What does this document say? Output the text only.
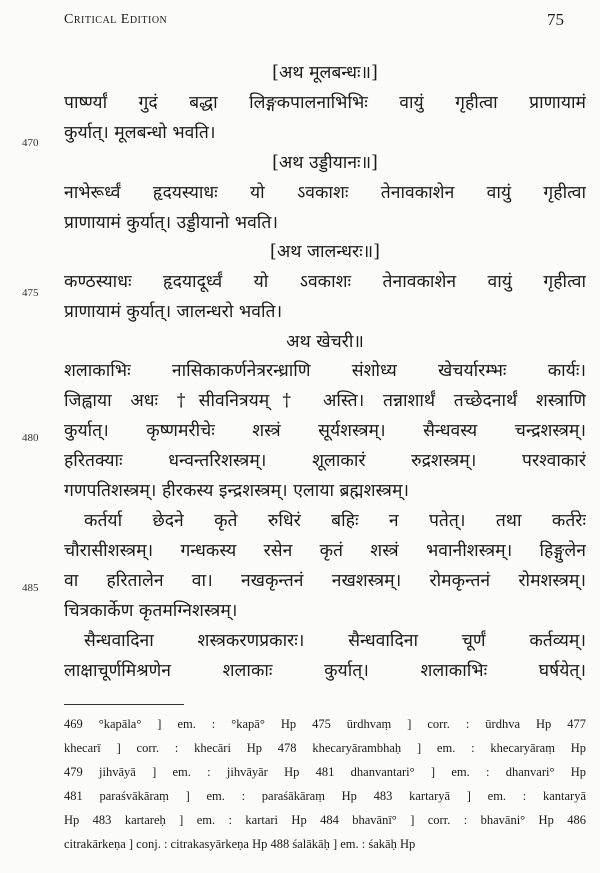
Critical Edition	75
470
475
480
485
[अथ मूलबन्धः॥]
पार्ष्ण्यां गुदं बद्धा लिङ्गकपालनाभिभिः वायुं गृहीत्वा प्राणायामं
कुर्यात्। मूलबन्धो भवति।
[अथ उड्डीयानः॥]
नाभेरूर्ध्वं हृदयस्याधः यो ऽवकाशः तेनावकाशेन वायुं गृहीत्वा
प्राणायामं कुर्यात्। उड्डीयानो भवति।
[अथ जालन्धरः॥]
कण्ठस्याधः हृदयादूर्ध्वं यो ऽवकाशः तेनावकाशेन वायुं गृहीत्वा
प्राणायामं कुर्यात्। जालन्धरो भवति।
अथ खेचरी॥
शलाकाभिः नासिकाकर्णनेत्ररन्ध्राणि संशोध्य खेचर्यारम्भः कार्यः।
जिह्वाया अधः †सीवनित्रयम्† अस्ति। तन्नाशार्थं तच्छेदनार्थं शस्त्राणि
कुर्यात्। कृष्णमरीचेः शस्त्रं सूर्यशस्त्रम्। सैन्धवस्य चन्द्रशस्त्रम्।
हरितक्याः धन्वन्तरिशस्त्रम्। शूलाकारं रुद्रशस्त्रम्। परश्वाकारं
गणपतिशस्त्रम्। हीरकस्य इन्द्रशस्त्रम्। एलाया ब्रह्मशस्त्रम्।
कर्तर्या छेदने कृते रुधिरं बहिः न पतेत्। तथा कर्तरेः
चौरासीशस्त्रम्। गन्धकस्य रसेन कृतं शस्त्रं भवानीशस्त्रम्। हिङ्गुलेन
वा हरितालेन वा। नखकृन्तनं नखशस्त्रम्। रोमकृन्तनं रोमशस्त्रम्।
चित्रकार्केण कृतमग्निशस्त्रम्।
सैन्धवादिना शस्त्रकरणप्रकारः। सैन्धवादिना चूर्णं कर्तव्यम्।
लाक्षाचूर्णमिश्रणेन शलाकाः कुर्यात्। शलाकाभिः घर्षयेत्।
469 °kapāla° ] em. : °kapā° Hp 475 ūrdhvaṃ ] corr. : ūrdhva Hp 477
khecarī ] corr. : khecāri Hp 478 khecaryārambhaḥ ] em. : khecaryāraṃ Hp
479 jihvāyā ] em. : jihvāyār Hp 481 dhanvantari° ] em. : dhanvari° Hp
481 paraśvākāraṃ ] em. : paraśākāraṃ Hp 483 kartaryā ] em. : kantaryā
Hp 483 kartareḥ ] em. : kartari Hp 484 bhavānī° ] corr. : bhavāni° Hp 486
citrakārkeṇa ] conj. : citrakasyārkeṇa Hp 488 śalākāḥ ] em. : śakāḥ Hp
